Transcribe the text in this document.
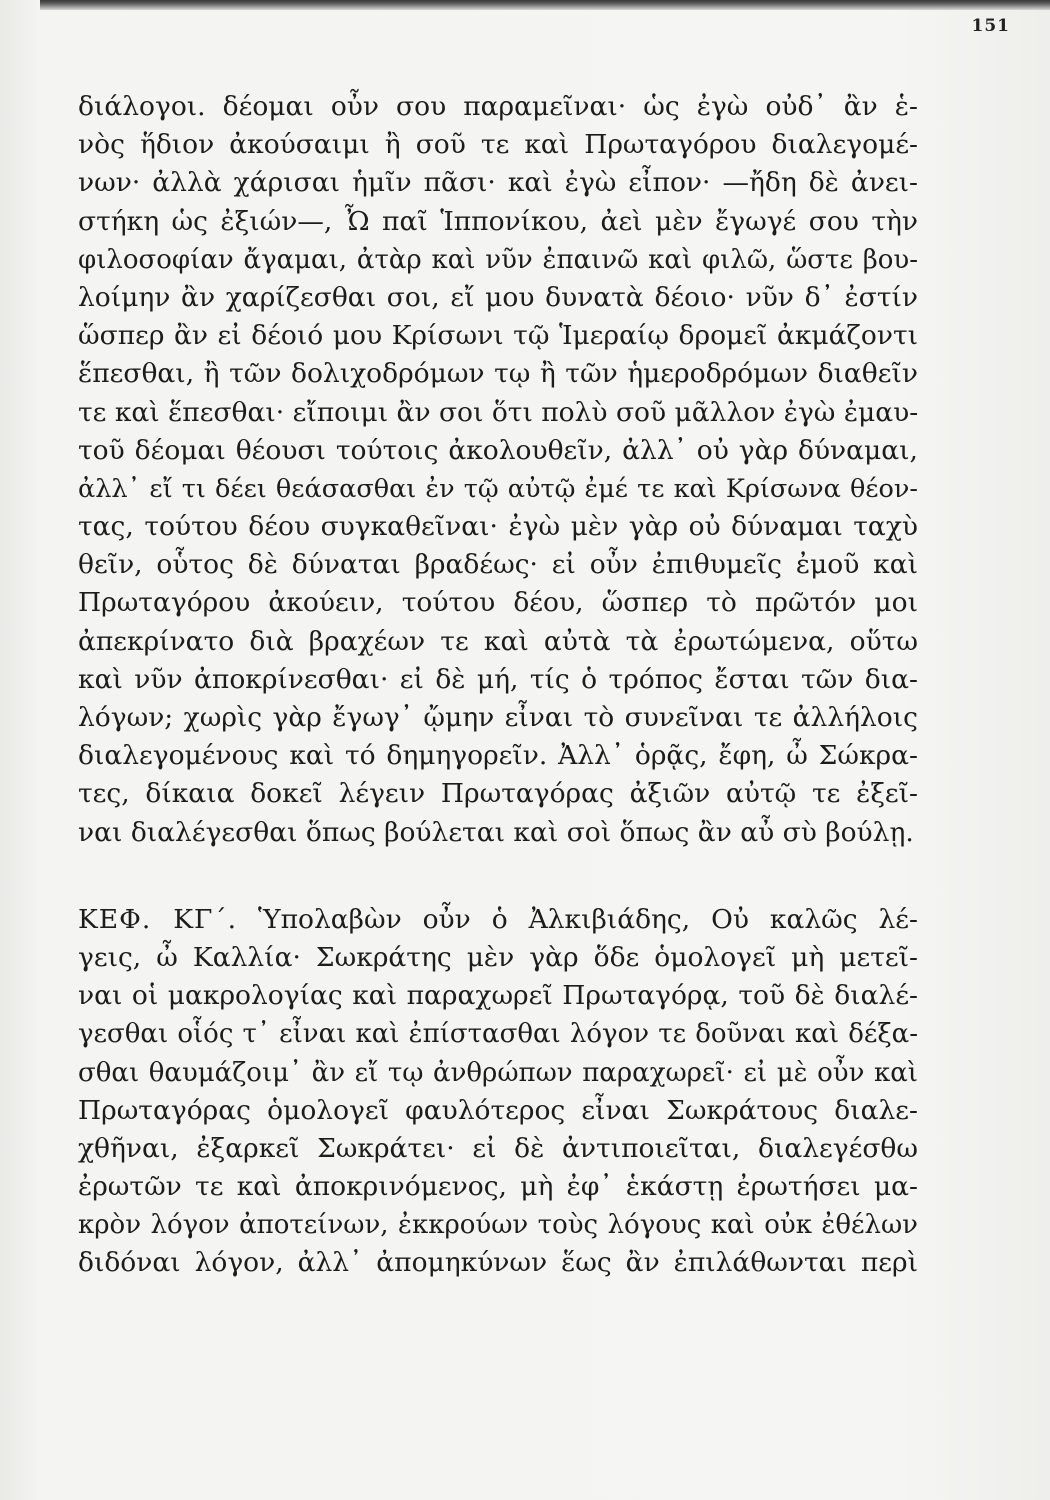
151
διάλογοι. δέομαι οὖν σου παραμεῖναι· ὡς ἐγὼ οὐδ᾽ ἂν ἑ-
νὸς ἥδιον ἀκούσαιμι ἢ σοῦ τε καὶ Πρωταγόρου διαλεγομέ-
νων· ἀλλὰ χάρισαι ἡμῖν πᾶσι· καὶ ἐγὼ εἶπον· —ἤδη δὲ ἀνει-
στήκη ὡς ἐξιών—, Ὦ παῖ Ἱππονίκου, ἀεὶ μὲν ἔγωγέ σου τὴν
φιλοσοφίαν ἄγαμαι, ἀτὰρ καὶ νῦν ἐπαινῶ καὶ φιλῶ, ὥστε βου-
λοίμην ἂν χαρίζεσθαι σοι, εἴ μου δυνατὰ δέοιο· νῦν δ᾽ ἐστίν
ὥσπερ ἂν εἰ δέοιό μου Κρίσωνι τῷ Ἱμεραίῳ δρομεῖ ἀκμάζοντι
ἕπεσθαι, ἢ τῶν δολιχοδρόμων τῳ ἢ τῶν ἡμεροδρόμων διαθεῖν
τε καὶ ἕπεσθαι· εἴποιμι ἂν σοι ὅτι πολὺ σοῦ μᾶλλον ἐγὼ ἐμαυ-
τοῦ δέομαι θέουσι τούτοις ἀκολουθεῖν, ἀλλ᾽ οὐ γὰρ δύναμαι,
ἀλλ᾽ εἴ τι δέει θεάσασθαι ἐν τῷ αὐτῷ ἐμέ τε καὶ Κρίσωνα θέον-
τας, τούτου δέου συγκαθεῖναι· ἐγὼ μὲν γὰρ οὐ δύναμαι ταχὺ
θεῖν, οὗτος δὲ δύναται βραδέως· εἰ οὖν ἐπιθυμεῖς ἐμοῦ καὶ
Πρωταγόρου ἀκούειν, τούτου δέου, ὥσπερ τὸ πρῶτόν μοι
ἀπεκρίνατο διὰ βραχέων τε καὶ αὐτὰ τὰ ἐρωτώμενα, οὕτω
καὶ νῦν ἀποκρίνεσθαι· εἰ δὲ μή, τίς ὁ τρόπος ἔσται τῶν δια-
λόγων; χωρὶς γὰρ ἔγωγ᾽ ᾤμην εἶναι τὸ συνεῖναι τε ἀλλήλοις
διαλεγομένους καὶ τό δημηγορεῖν. Ἀλλ᾽ ὁρᾷς, ἔφη, ὦ Σώκρα-
τες, δίκαια δοκεῖ λέγειν Πρωταγόρας ἀξιῶν αὐτῷ τε ἐξεῖ-
ναι διαλέγεσθαι ὅπως βούλεται καὶ σοὶ ὅπως ἂν αὖ σὺ βούλῃ.
ΚΕΦ. ΚΓ΄. Ὑπολαβὼν οὖν ὁ Ἀλκιβιάδης, Οὐ καλῶς λέ-
γεις, ὦ Καλλία· Σωκράτης μὲν γὰρ ὅδε ὁμολογεῖ μὴ μετεῖ-
ναι οἱ μακρολογίας καὶ παραχωρεῖ Πρωταγόρᾳ, τοῦ δὲ διαλέ-
γεσθαι οἷός τ᾽ εἶναι καὶ ἐπίστασθαι λόγον τε δοῦναι καὶ δέξα-
σθαι θαυμάζοιμ᾽ ἂν εἴ τῳ ἀνθρώπων παραχωρεῖ· εἰ μὲ οὖν καὶ
Πρωταγόρας ὁμολογεῖ φαυλότερος εἶναι Σωκράτους διαλε-
χθῆναι, ἐξαρκεῖ Σωκράτει· εἰ δὲ ἀντιποιεῖται, διαλεγέσθω
ἐρωτῶν τε καὶ ἀποκρινόμενος, μὴ ἐφ᾽ ἑκάστῃ ἐρωτήσει μα-
κρὸν λόγον ἀποτείνων, ἐκκρούων τοὺς λόγους καὶ οὐκ ἐθέλων
διδόναι λόγον, ἀλλ᾽ ἀπομηκύνων ἕως ἂν ἐπιλάθωνται περὶ
